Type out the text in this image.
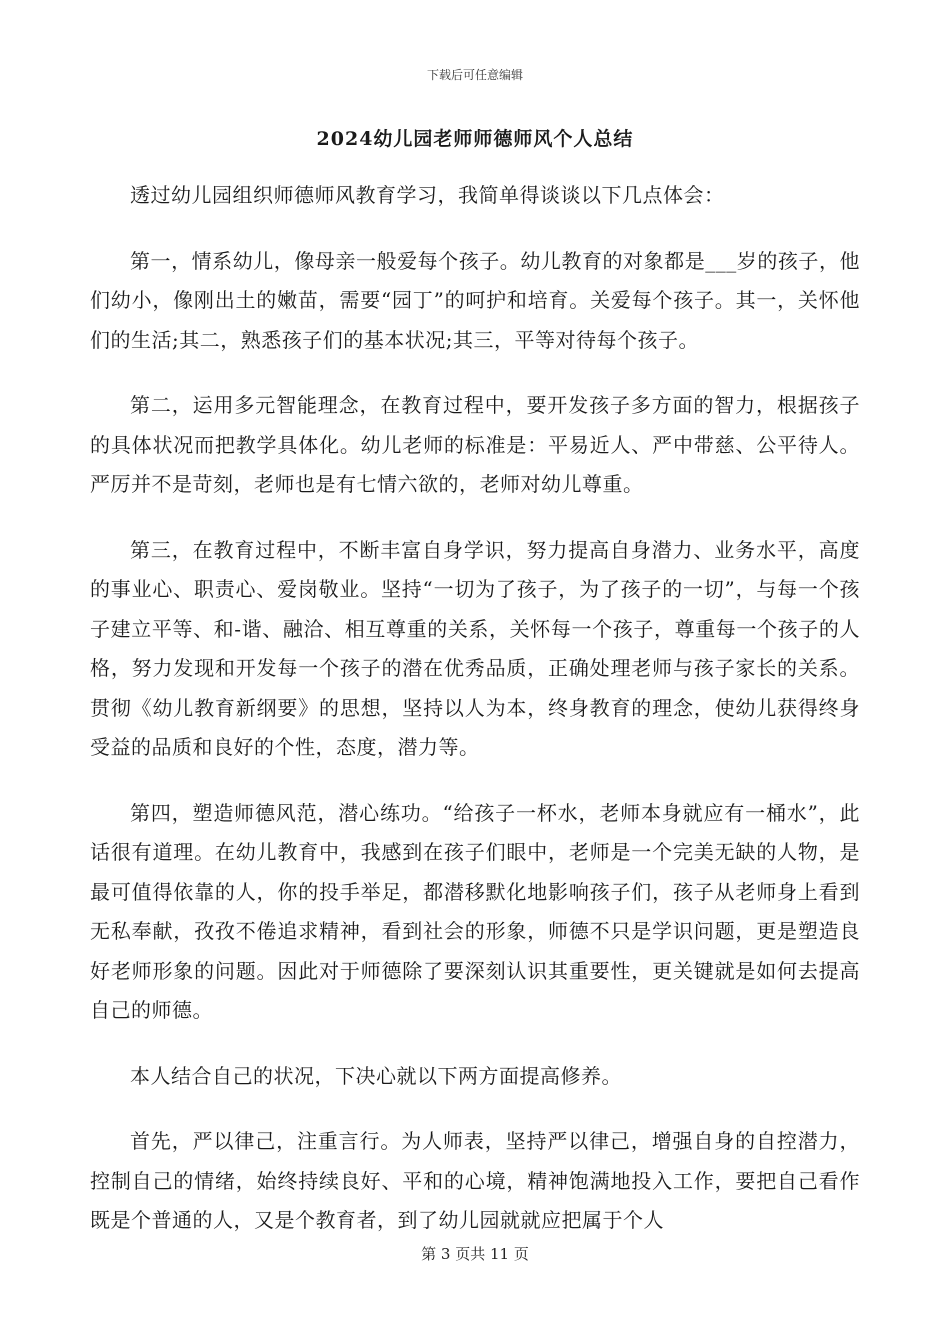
下载后可任意编辑
2024幼儿园老师师德师风个人总结

透过幼儿园组织师德师风教育学习，我简单得谈谈以下几点体会：

第一，情系幼儿，像母亲一般爱每个孩子。幼儿教育的对象都是___岁的孩子，他们幼小，像刚出土的嫩苗，需要“园丁”的呵护和培育。关爱每个孩子。其一，关怀他们的生活;其二，熟悉孩子们的基本状况;其三，平等对待每个孩子。

第二，运用多元智能理念，在教育过程中，要开发孩子多方面的智力，根据孩子的具体状况而把教学具体化。幼儿老师的标准是：平易近人、严中带慈、公平待人。严厉并不是苛刻，老师也是有七情六欲的，老师对幼儿尊重。

第三，在教育过程中，不断丰富自身学识，努力提高自身潜力、业务水平，高度的事业心、职责心、爱岗敬业。坚持“一切为了孩子，为了孩子的一切”，与每一个孩子建立平等、和-谐、融洽、相互尊重的关系，关怀每一个孩子，尊重每一个孩子的人格，努力发现和开发每一个孩子的潜在优秀品质，正确处理老师与孩子家长的关系。贯彻《幼儿教育新纲要》的思想，坚持以人为本，终身教育的理念，使幼儿获得终身受益的品质和良好的个性，态度，潜力等。

第四，塑造师德风范，潜心练功。“给孩子一杯水，老师本身就应有一桶水”，此话很有道理。在幼儿教育中，我感到在孩子们眼中，老师是一个完美无缺的人物，是最可值得依靠的人，你的投手举足，都潜移默化地影响孩子们，孩子从老师身上看到无私奉献，孜孜不倦追求精神，看到社会的形象，师德不只是学识问题，更是塑造良好老师形象的问题。因此对于师德除了要深刻认识其重要性，更关键就是如何去提高自己的师德。

本人结合自己的状况，下决心就以下两方面提高修养。

首先，严以律己，注重言行。为人师表，坚持严以律己，增强自身的自控潜力，控制自己的情绪，始终持续良好、平和的心境，精神饱满地投入工作，要把自己看作既是个普通的人，又是个教育者，到了幼儿园就就应把属于个人

第 3 页共 11 页
